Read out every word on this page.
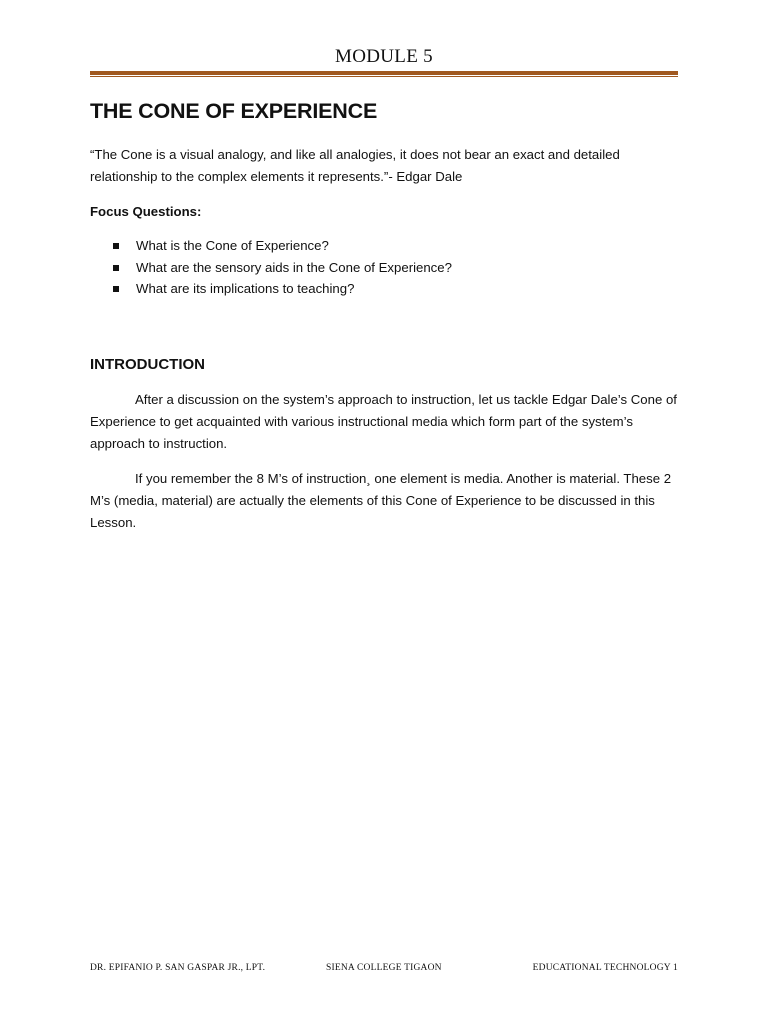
MODULE 5
THE CONE OF EXPERIENCE

“The Cone is a visual analogy, and like all analogies, it does not bear an exact and detailed relationship to the complex elements it represents.”- Edgar Dale

Focus Questions:

What is the Cone of Experience?
What are the sensory aids in the Cone of Experience?
What are its implications to teaching?
INTRODUCTION

After a discussion on the system’s approach to instruction, let us tackle Edgar Dale’s Cone of Experience to get acquainted with various instructional media which form part of the system’s approach to instruction.

If you remember the 8 M’s of instruction¸ one element is media. Another is material. These 2 M’s (media, material) are actually the elements of this Cone of Experience to be discussed in this Lesson.

DR. EPIFANIO P. SAN GASPAR JR., LPT.	SIENA COLLEGE TIGAON	EDUCATIONAL TECHNOLOGY 1
